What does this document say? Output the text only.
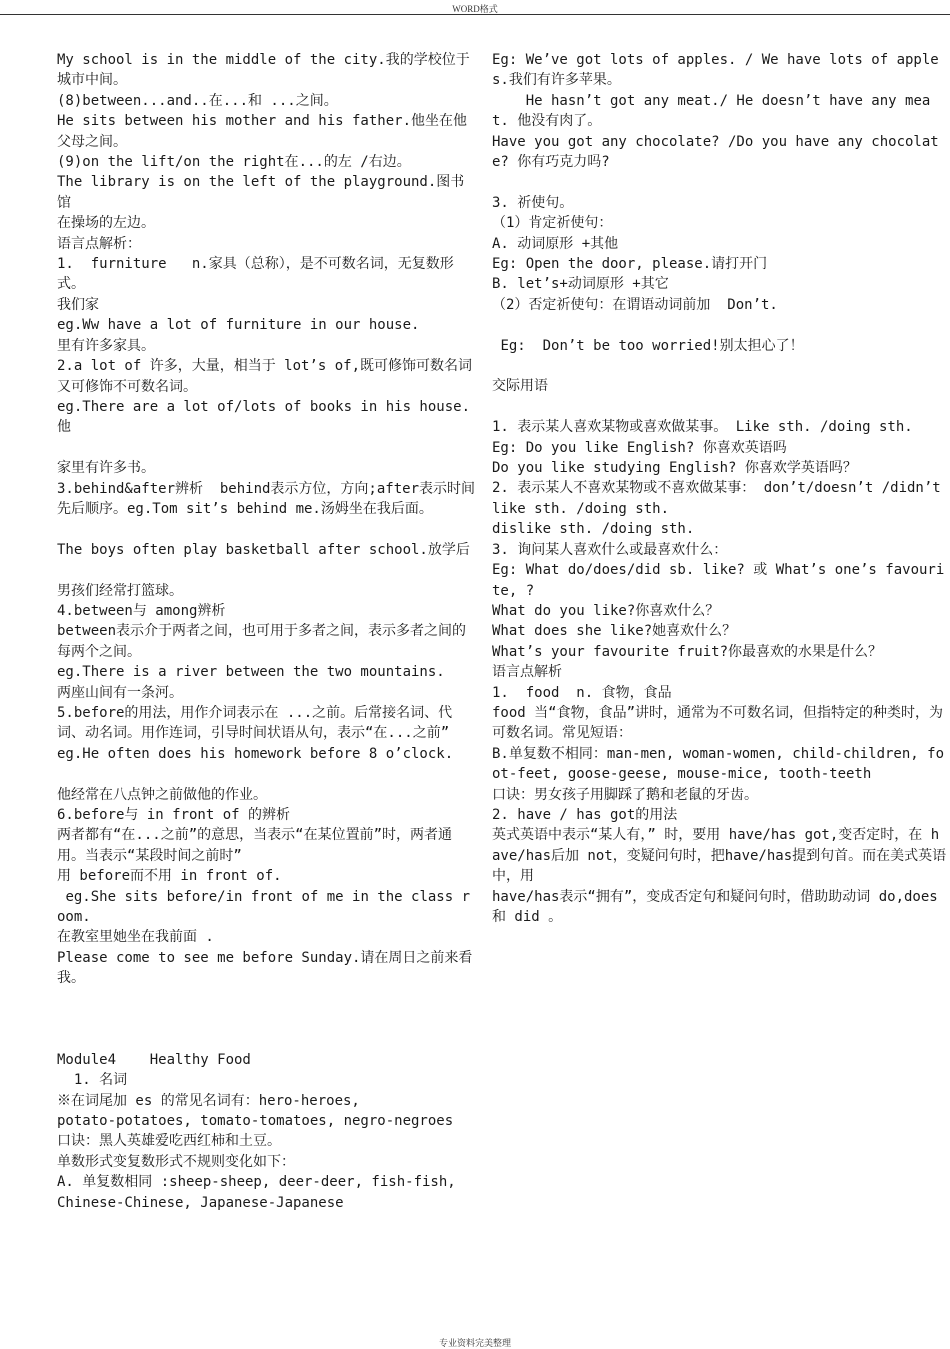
WORD格式
My school is in the middle of the city.我的学校位于城市中间。
(8)between...and..在...和 ...之间。
He sits between his mother and his father.他坐在他父母之间。
(9)on the lift/on the right在...的左 /右边。
The library is on the left of the playground.图书馆
在操场的左边。
语言点解析：
1.  furniture   n.家具（总称），是不可数名词，无复数形式。
我们家
eg.Ww have a lot of furniture in our house.
里有许多家具。
2.a lot of 许多，大量，相当于 lot’s of,既可修饰可数名词又可修饰不可数名词。
eg.There are a lot of/lots of books in his house.他
家里有许多书。
3.behind&after辨析  behind表示方位，方向;after表示时间先后顺序。eg.Tom sit’s behind me.汤姆坐在我后面。
The boys often play basketball after school.放学后
男孩们经常打篮球。
4.between与 among辨析
between表示介于两者之间，也可用于多者之间，表示多者之间的每两个之间。
eg.There is a river between the two mountains.
两座山间有一条河。
5.before的用法，用作介词表示在 ...之前。后常接名词、代词、动名词。用作连词，引导时间状语从句，表示“在...之前”
eg.He often does his homework before 8 o’clock.
他经常在八点钟之前做他的作业。
6.before与 in front of 的辨析
两者都有“在...之前”的意思，当表示“在某位置前”时，两者通用。当表示“某段时间之前时”
用 before而不用 in front of.
eg.She sits before/in front of me in the class room.
在教室里她坐在我前面 .
Please come to see me before Sunday.请在周日之前来看我。
Module4    Healthy Food
1. 名词
※在词尾加 es 的常见名词有：hero-heroes,
potato-potatoes, tomato-tomatoes, negro-negroes
口诀：黑人英雄爱吃西红柿和土豆。
单数形式变复数形式不规则变化如下：
A. 单复数相同 :sheep-sheep, deer-deer, fish-fish,
Chinese-Chinese, Japanese-Japanese
Eg: We’ve got lots of apples. / We have lots of apples.我们有许多苹果。
He hasn’t got any meat./ He doesn’t have any meat. 他没有肉了。
Have you got any chocolate? /Do you have any chocolate? 你有巧克力吗?
3. 祈使句。
（1）肯定祈使句：
A. 动词原形 +其他
Eg: Open the door, please.请打开门
B. let’s+动词原形 +其它
（2）否定祈使句：在谓语动词前加  Don’t.
Eg:  Don’t be too worried!别太担心了！
交际用语
1. 表示某人喜欢某物或喜欢做某事。 Like sth. /doing sth.
Eg: Do you like English? 你喜欢英语吗
Do you like studying English? 你喜欢学英语吗？
2. 表示某人不喜欢某物或不喜欢做某事： don’t/doesn’t /didn’t like sth. /doing sth.
dislike sth. /doing sth.
3. 询问某人喜欢什么或最喜欢什么：
Eg: What do/does/did sb. like? 或 What’s one’s favourite, ?
What do you like?你喜欢什么？
What does she like?她喜欢什么？
What’s your favourite fruit?你最喜欢的水果是什么？
语言点解析
1.  food  n. 食物，食品
food 当“食物，食品”讲时，通常为不可数名词，但指特定的种类时，为可数名词。常见短语：
B.单复数不相同：man-men, woman-women, child-children, foot-feet, goose-geese, mouse-mice, tooth-teeth
口诀：男女孩子用脚踩了鹅和老鼠的牙齿。
2. have / has got的用法
英式英语中表示“某人有，” 时，要用 have/has got,变否定时，在 have/has后加 not，变疑问句时，把have/has提到句首。而在美式英语中，用
have/has表示“拥有”，变成否定句和疑问句时，借助助动词 do,does和 did 。
专业资料完美整理
